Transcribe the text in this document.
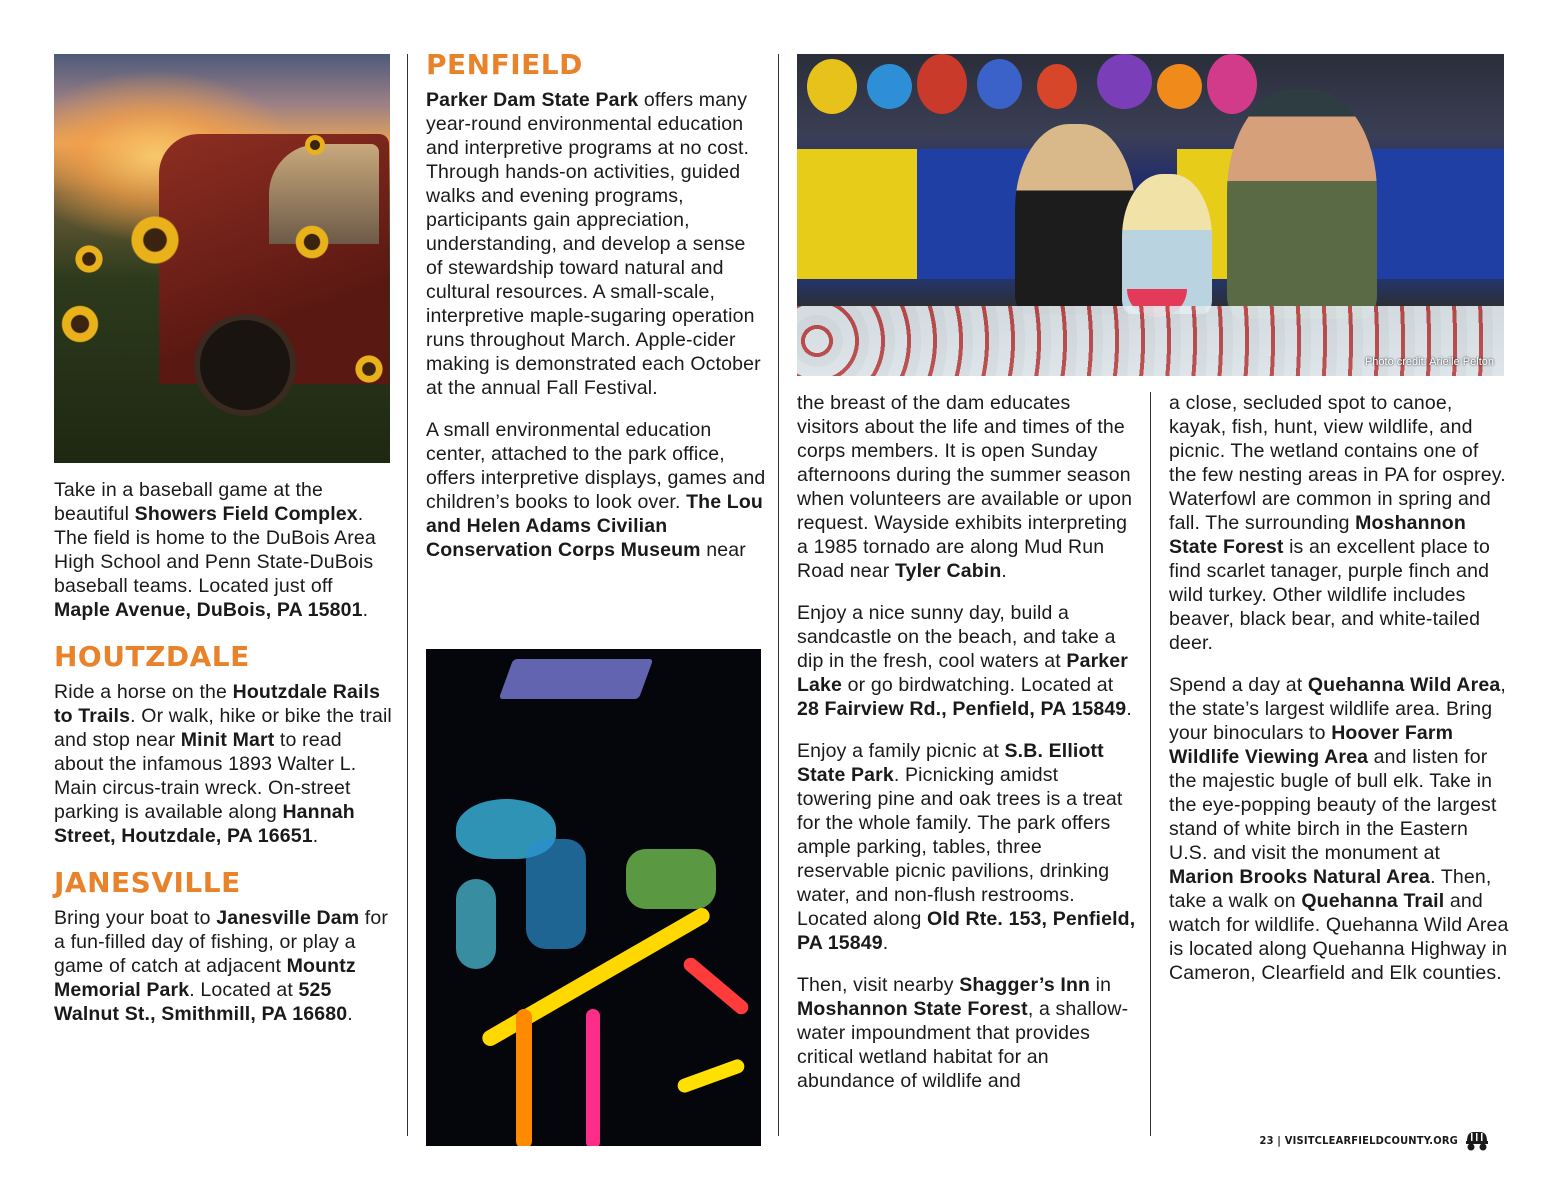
Take in a baseball game at the beautiful Showers Field Complex. The field is home to the DuBois Area High School and Penn State-DuBois baseball teams. Located just off Maple Avenue, DuBois, PA 15801.

HOUTZDALE

Ride a horse on the Houtzdale Rails to Trails. Or walk, hike or bike the trail and stop near Minit Mart to read about the infamous 1893 Walter L. Main circus-train wreck. On-street parking is available along Hannah Street, Houtzdale, PA 16651.

JANESVILLE

Bring your boat to Janesville Dam for a fun-filled day of fishing, or play a game of catch at adjacent Mountz Memorial Park. Located at 525 Walnut St., Smithmill, PA 16680.

PENFIELD

Parker Dam State Park offers many year-round environmental education and interpretive programs at no cost. Through hands-on activities, guided walks and evening programs, participants gain appreciation, understanding, and develop a sense of stewardship toward natural and cultural resources. A small-scale, interpretive maple-sugaring operation runs throughout March. Apple-cider making is demonstrated each October at the annual Fall Festival.

A small environmental education center, attached to the park office, offers interpretive displays, games and children’s books to look over. The Lou and Helen Adams Civilian Conservation Corps Museum near

Photo credit: Arielle Pelton

the breast of the dam educates visitors about the life and times of the corps members. It is open Sunday afternoons during the summer season when volunteers are available or upon request. Wayside exhibits interpreting a 1985 tornado are along Mud Run Road near Tyler Cabin.

Enjoy a nice sunny day, build a sandcastle on the beach, and take a dip in the fresh, cool waters at Parker Lake or go birdwatching. Located at 28 Fairview Rd., Penfield, PA 15849.

Enjoy a family picnic at S.B. Elliott State Park. Picnicking amidst towering pine and oak trees is a treat for the whole family. The park offers ample parking, tables, three reservable picnic pavilions, drinking water, and non-flush restrooms. Located along Old Rte. 153, Penfield, PA 15849.

Then, visit nearby Shagger’s Inn in Moshannon State Forest, a shallow-water impoundment that provides critical wetland habitat for an abundance of wildlife and

a close, secluded spot to canoe, kayak, fish, hunt, view wildlife, and picnic. The wetland contains one of the few nesting areas in PA for osprey. Waterfowl are common in spring and fall. The surrounding Moshannon State Forest is an excellent place to find scarlet tanager, purple finch and wild turkey. Other wildlife includes beaver, black bear, and white-tailed deer.

Spend a day at Quehanna Wild Area, the state’s largest wildlife area. Bring your binoculars to Hoover Farm Wildlife Viewing Area and listen for the majestic bugle of bull elk. Take in the eye-popping beauty of the largest stand of white birch in the Eastern U.S. and visit the monument at Marion Brooks Natural Area. Then, take a walk on Quehanna Trail and watch for wildlife. Quehanna Wild Area is located along Quehanna Highway in Cameron, Clearfield and Elk counties.

23 | VISITCLEARFIELDCOUNTY.ORG
